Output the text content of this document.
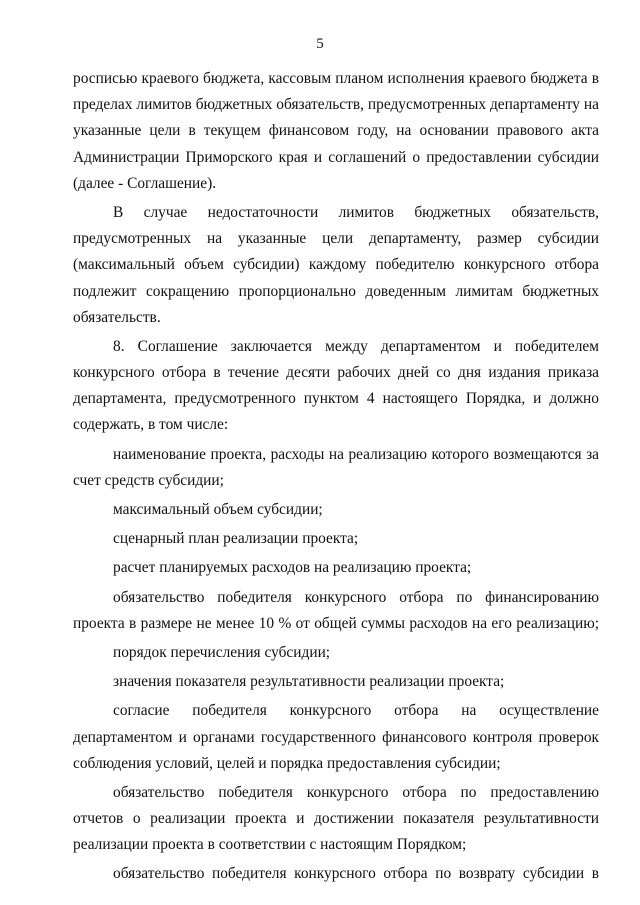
5
росписью краевого бюджета, кассовым планом исполнения краевого бюджета в
пределах лимитов бюджетных обязательств, предусмотренных департаменту на
указанные цели в текущем финансовом году, на основании правового акта
Администрации Приморского края и соглашений о предоставлении субсидии
(далее - Соглашение).
В случае недостаточности лимитов бюджетных обязательств,
предусмотренных на указанные цели департаменту, размер субсидии
(максимальный объем субсидии) каждому победителю конкурсного отбора
подлежит сокращению пропорционально доведенным лимитам бюджетных
обязательств.
8. Соглашение заключается между департаментом и победителем
конкурсного отбора в течение десяти рабочих дней со дня издания приказа
департамента, предусмотренного пунктом 4 настоящего Порядка, и должно
содержать, в том числе:
наименование проекта, расходы на реализацию которого возмещаются за
счет средств субсидии;
максимальный объем субсидии;
сценарный план реализации проекта;
расчет планируемых расходов на реализацию проекта;
обязательство победителя конкурсного отбора по финансированию
проекта в размере не менее 10 % от общей суммы расходов на его реализацию;
порядок перечисления субсидии;
значения показателя результативности реализации проекта;
согласие победителя конкурсного отбора на осуществление
департаментом и органами государственного финансового контроля проверок
соблюдения условий, целей и порядка предоставления субсидии;
обязательство победителя конкурсного отбора по предоставлению
отчетов о реализации проекта и достижении показателя результативности
реализации проекта в соответствии с настоящим Порядком;
обязательство победителя конкурсного отбора по возврату субсидии в
